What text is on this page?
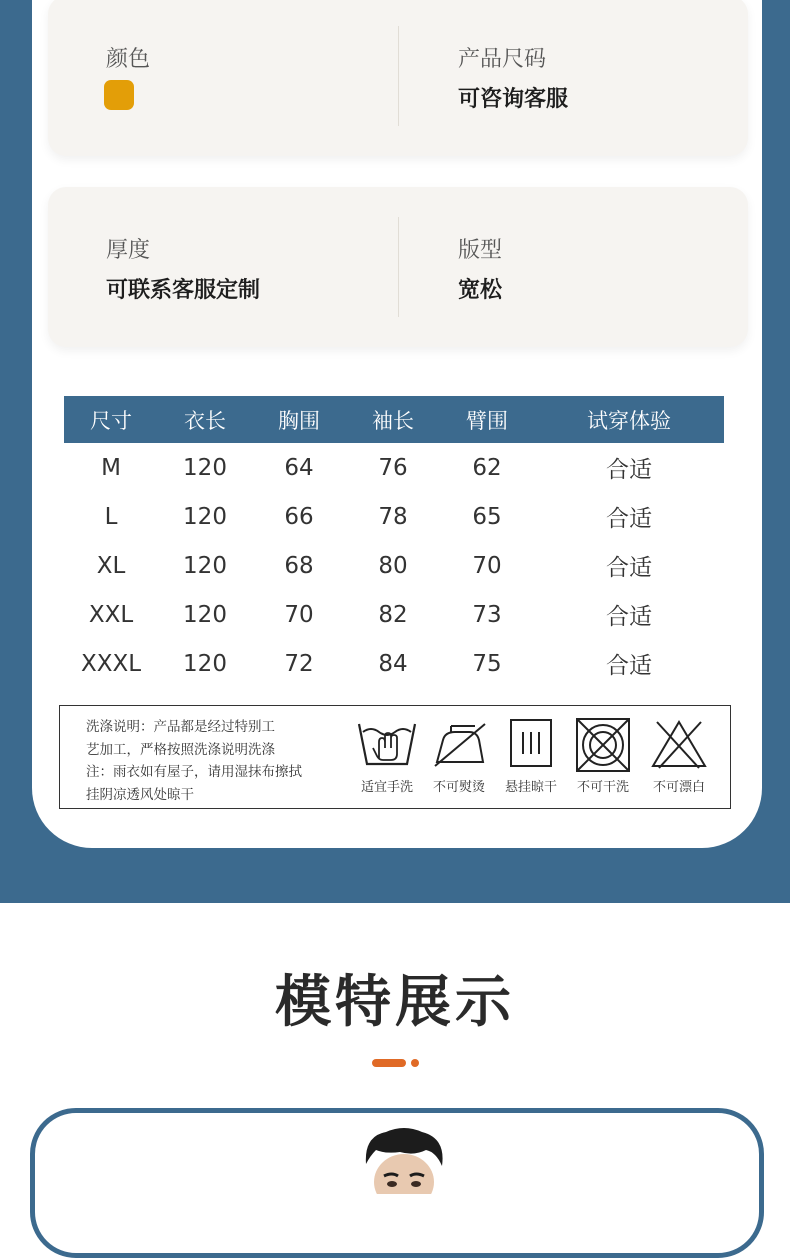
颜色	产品尺码
可咨询客服
厚度
可联系客服定制
版型
宽松
尺寸	衣长	胸围	袖长	臂围	试穿体验
M	120	64	76	62	合适
L	120	66	78	65	合适
XL	120	68	80	70	合适
XXL	120	70	82	73	合适
XXXL	120	72	84	75	合适
洗涤说明：产品都是经过特别工
艺加工，严格按照洗涤说明洗涤
注：雨衣如有屋子，请用湿抹布擦拭
挂阴凉透风处晾干	适宜手洗	不可熨烫	悬挂晾干	不可干洗	不可漂白
模特展示
